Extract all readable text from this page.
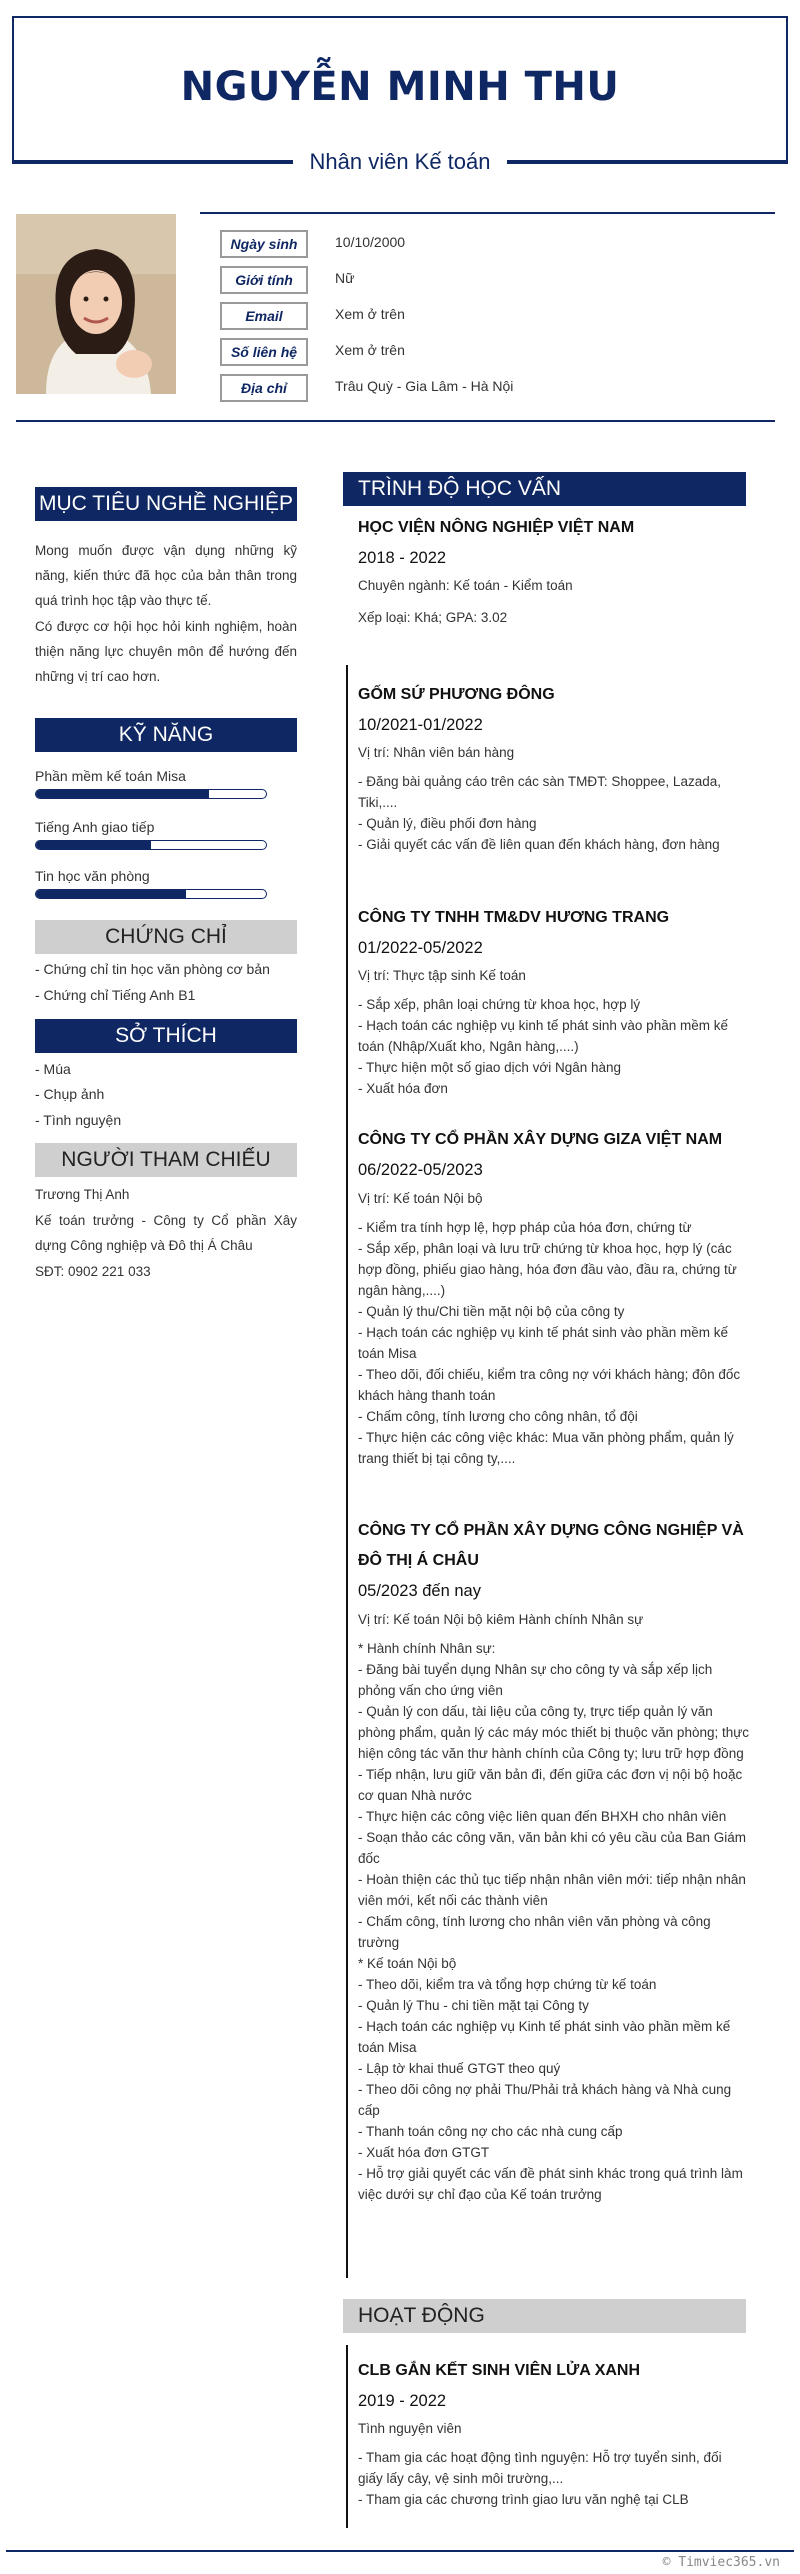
NGUYỄN MINH THU
Nhân viên Kế toán
Ngày sinh	10/10/2000
Giới tính	Nữ
Email	Xem ở trên
Số liên hệ	Xem ở trên
Địa chỉ	Trâu Quỳ - Gia Lâm - Hà Nội
MỤC TIÊU NGHỀ NGHIỆP
Mong muốn được vận dụng những kỹ năng, kiến thức đã học của bản thân trong quá trình học tập vào thực tế.
Có được cơ hội học hỏi kinh nghiệm, hoàn thiện năng lực chuyên môn để hướng đến những vị trí cao hơn.
KỸ NĂNG
Phần mềm kế toán Misa
Tiếng Anh giao tiếp
Tin học văn phòng
CHỨNG CHỈ
- Chứng chỉ tin học văn phòng cơ bản
- Chứng chỉ Tiếng Anh B1
SỞ THÍCH
- Múa
- Chụp ảnh
- Tình nguyện
NGƯỜI THAM CHIẾU
Trương Thị Anh
Kế toán trưởng - Công ty Cổ phần Xây dựng Công nghiệp và Đô thị Á Châu
SĐT: 0902 221 033
TRÌNH ĐỘ HỌC VẤN
HỌC VIỆN NÔNG NGHIỆP VIỆT NAM
2018 - 2022
Chuyên ngành: Kế toán - Kiểm toán
Xếp loại: Khá; GPA: 3.02
GỐM SỨ PHƯƠNG ĐÔNG
10/2021-01/2022
Vị trí: Nhân viên bán hàng
- Đăng bài quảng cáo trên các sàn TMĐT: Shoppee, Lazada, Tiki,....
- Quản lý, điều phối đơn hàng
- Giải quyết các vấn đề liên quan đến khách hàng, đơn hàng
CÔNG TY TNHH TM&DV HƯƠNG TRANG
01/2022-05/2022
Vị trí: Thực tập sinh Kế toán
- Sắp xếp, phân loại chứng từ khoa học, hợp lý
- Hạch toán các nghiệp vụ kinh tế phát sinh vào phần mềm kế toán (Nhập/Xuất kho, Ngân hàng,....)
- Thực hiện một số giao dịch với Ngân hàng
- Xuất hóa đơn
CÔNG TY CỔ PHẦN XÂY DỰNG GIZA VIỆT NAM
06/2022-05/2023
Vị trí: Kế toán Nội bộ
- Kiểm tra tính hợp lệ, hợp pháp của hóa đơn, chứng từ
- Sắp xếp, phân loại và lưu trữ chứng từ khoa học, hợp lý (các hợp đồng, phiếu giao hàng, hóa đơn đầu vào, đầu ra, chứng từ ngân hàng,....)
- Quản lý thu/Chi tiền mặt nội bộ của công ty
- Hạch toán các nghiệp vụ kinh tế phát sinh vào phần mềm kế toán Misa
- Theo dõi, đối chiếu, kiểm tra công nợ với khách hàng; đôn đốc khách hàng thanh toán
- Chấm công, tính lương cho công nhân, tổ đội
- Thực hiện các công việc khác: Mua văn phòng phẩm, quản lý trang thiết bị tại công ty,....
CÔNG TY CỔ PHẦN XÂY DỰNG CÔNG NGHIỆP VÀ ĐÔ THỊ Á CHÂU
05/2023 đến nay
Vị trí: Kế toán Nội bộ kiêm Hành chính Nhân sự
* Hành chính Nhân sự:
- Đăng bài tuyển dụng Nhân sự cho công ty và sắp xếp lịch phỏng vấn cho ứng viên
- Quản lý con dấu, tài liệu của công ty, trực tiếp quản lý văn phòng phẩm, quản lý các máy móc thiết bị thuộc văn phòng; thực hiện công tác văn thư hành chính của Công ty; lưu trữ hợp đồng
- Tiếp nhận, lưu giữ văn bản đi, đến giữa các đơn vị nội bộ hoặc cơ quan Nhà nước
- Thực hiện các công việc liên quan đến BHXH cho nhân viên
- Soạn thảo các công văn, văn bản khi có yêu cầu của Ban Giám đốc
- Hoàn thiện các thủ tục tiếp nhận nhân viên mới: tiếp nhận nhân viên mới, kết nối các thành viên
- Chấm công, tính lương cho nhân viên văn phòng và công trường
* Kế toán Nội bộ
- Theo dõi, kiểm tra và tổng hợp chứng từ kế toán
- Quản lý Thu - chi tiền mặt tại Công ty
- Hạch toán các nghiệp vụ Kinh tế phát sinh vào phần mềm kế toán Misa
- Lập tờ khai thuế GTGT theo quý
- Theo dõi công nợ phải Thu/Phải trả khách hàng và Nhà cung cấp
- Thanh toán công nợ cho các nhà cung cấp
- Xuất hóa đơn GTGT
- Hỗ trợ giải quyết các vấn đề phát sinh khác trong quá trình làm việc dưới sự chỉ đạo của Kế toán trưởng
HOẠT ĐỘNG
CLB GẮN KẾT SINH VIÊN LỬA XANH
2019 - 2022
Tình nguyện viên
- Tham gia các hoạt động tình nguyện: Hỗ trợ tuyển sinh, đối giấy lấy cây, vệ sinh môi trường,...
- Tham gia các chương trình giao lưu văn nghệ tại CLB
© Timviec365.vn
